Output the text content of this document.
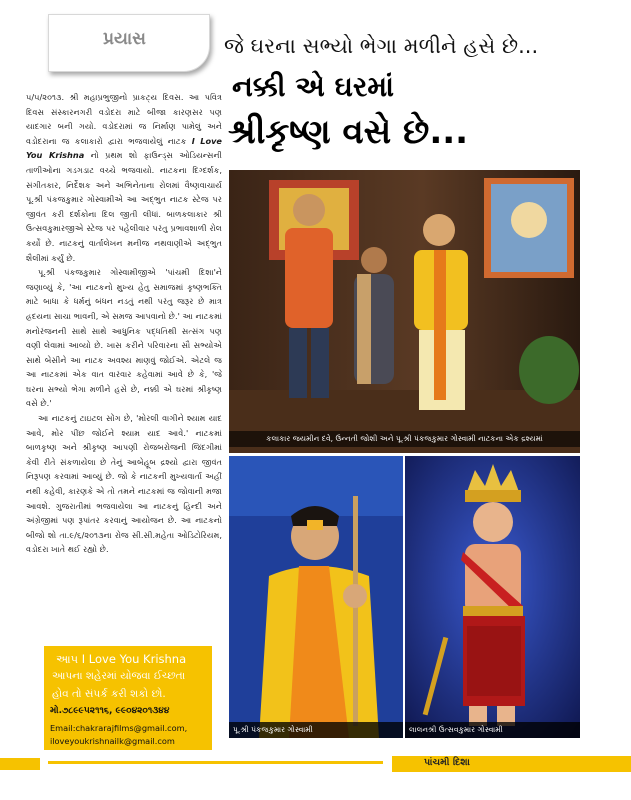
પ્રયાસ	જે ઘરના સભ્યો ભેગા મળીને હસે છે...
નક્કી એ ઘરમાં
શ્રીકૃષ્ણ વસે છે...

૫/૫/૨૦૧૩. શ્રી મહાપ્રભુજીનો પ્રાકટ્ય દિવસ. આ પવિત્ર દિવસ સંસ્કારનગરી વડોદરા માટે બીજા કારણસર પણ યાદગાર બની ગયો. વડોદરામાં જ નિર્માણ પામેલું અને વડોદરાના જ કલાકારો દ્વારા ભજવાયેલું નાટક I Love You Krishna નો પ્રથમ શો ફાઉન્ડ્સ ઓડિયન્સની તાળીઓના ગડગડાટ વચ્ચે ભજવાયો. નાટકના દિગ્દર્શક, સંગીતકાર, નિર્દેશક અને અભિનેતાના રોલમાં વૈષ્ણવાચાર્ય પૂ.શ્રી પંકજકુમાર ગોસ્વામીએ આ અદ્ભુત નાટક સ્ટેજ પર જીવંત કરી દર્શકોના દિલ જીતી લીધાં. બાળકલાકાર શ્રી ઉત્સવકુમારજીએ સ્ટેજ પર પહેલીવાર પરંતુ પ્રભાવશાળી રોલ કર્યો છે. નાટકનું વાર્તાલેખન મનીજ નથવાણીએ અદ્ભુત શૈલીમાં કર્યું છે.

પૂ.શ્રી પંકજકુમાર ગોસ્વામીજીએ 'પાંચમી દિશા'ને જણાવ્યું કે, 'આ નાટકનો મુખ્ય હેતુ સમાજમાં કૃષ્ણભક્તિ માટે બાધા કે ધર્મનું બંધન નડતું નથી પરંતુ જરૂર છે માત્ર હ્રદયના સાચા ભાવની, એ સમજ આપવાનો છે.' આ નાટકમાં મનોરંજનની સાથે સાથે આધુનિક પદ્ધતિથી સત્સંગ પણ વણી લેવામાં આવ્યો છે. ખાસ કરીને પરિવારના સૌ સભ્યોએ સાથે બેસીને આ નાટક અવશ્ય માણવું જોઈએ. એટલે જ આ નાટકમાં એક વાત વારંવાર કહેવામાં આવે છે કે, 'જે ઘરના સભ્યો ભેગા મળીને હસે છે, નક્કી એ ઘરમાં શ્રીકૃષ્ણ વસે છે.'

આ નાટકનું ટાઇટલ સોંગ છે, 'મોરલી વાગીને શ્યામ યાદ આવે, મોર પીંછ જોઈને શ્યામ યાદ આવે.' નાટકમાં બાળકૃષ્ણ અને શ્રીકૃષ્ણ આપણી રોજબરોજની જિંદગીમાં કેવી રીતે સંકળાયેલા છે તેનું આબેહૂબ દ્રશ્યો દ્વારા જીવંત નિરૂપણ કરવામાં આવ્યું છે. જો કે નાટકની મુખ્યવાર્તા અહીં નથી કહેવી, કારણકે એ તો તમને નાટકમાં જ જોવાની મજા આવશે. ગુજરાતીમાં ભજવાયેલા આ નાટકનું હિન્દી અને અંગ્રેજીમાં પણ રૂપાંતર કરવાનું આયોજન છે. આ નાટકનો બીજો શો તા.૯/૬/૨૦૧૩ના રોજ સી.સી.મહેતા ઓડિટોરિયમ, વડોદરા ખાતે થઈ રહ્યો છે.

કલાકાર જયમીન દવે, ઉન્નતી જોશી અને પૂ.શ્રી પંકજકુમાર ગોસ્વામી નાટકના એક દ્રશ્યમાં
પૂ.શ્રી પંકજકુમાર ગોસ્વામી	લાલનશ્રી ઉત્સવકુમાર ગોસ્વામી
આપ I Love You Krishna
આપના શહેરમાં યોજવા ઈચ્છતા
હોવ તો સંપર્ક કરી શકો છો.
મો.૭૮૯૯૫૨૧૧૬, ૯૯૦૪૨૦૧૩૪૪
Email:chakrarajfilms@gmail.com,
iloveyoukrishnailk@gmail.com
પાંચમી દિશા
